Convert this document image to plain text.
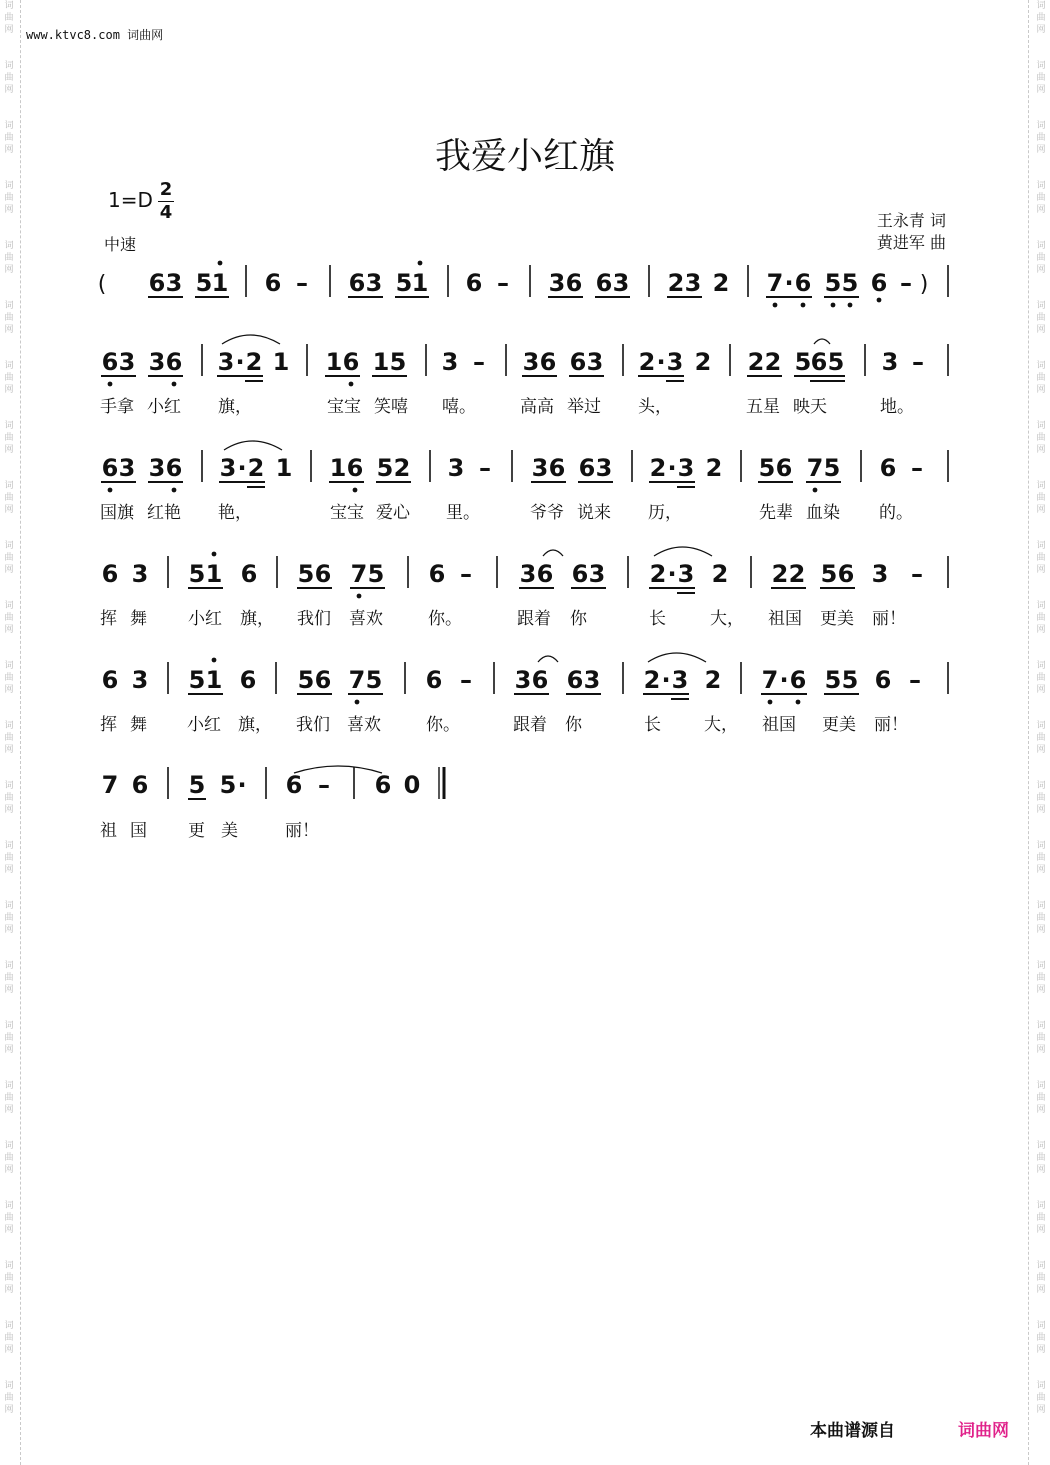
词
曲
网
词
曲
网
词
曲
网
词
曲
网
词
曲
网
词
曲
网
词
曲
网
词
曲
网
词
曲
网
词
曲
网
词
曲
网
词
曲
网
词
曲
网
词
曲
网
词
曲
网
词
曲
网
词
曲
网
词
曲
网
词
曲
网
词
曲
网
词
曲
网
词
曲
网
词
曲
网
词
曲
网
词
曲
网
词
曲
网
词
曲
网
词
曲
网
词
曲
网
词
曲
网
词
曲
网
词
曲
网
词
曲
网
词
曲
网
词
曲
网
词
曲
网
词
曲
网
词
曲
网
词
曲
网
词
曲
网
词
曲
网
词
曲
网
词
曲
网
词
曲
网
词
曲
网
词
曲
网
词
曲
网
词
曲
网
www.ktvc8.com 词曲网
我爱小红旗
1=D 2
4
中速
王永青 词
黄进军 曲
( 6 3 5 1 6 – 6 3 5 1 6 – 3 6 6 3 2 3 2 7 · 6 5 5 6 – )
6 3 3 6 3 · 2 1 1 6 1 5 3 – 3 6 6 3 2 · 3 2 2 2 5 6 5 3 –
手拿 小红 旗，	宝宝 笑嘻 嘻。	高高 举过 头，	五星 映天	地。
6 3 3 6 3 · 2 1 1 6 5 2 3 – 3 6 6 3 2 · 3 2 5 6 7 5 6 –
国旗 红艳 艳，	宝宝 爱心 里。	爷爷 说来 历，	先辈 血染 的。
6 3 5 1 6 5 6 7 5 6 – 3 6 6 3 2 · 3 2 2 2 5 6 3 –
挥 舞 小红 旗， 我们 喜欢	你。	跟着 你	长	大， 祖国 更美 丽！
6 3 5 1 6 5 6 7 5 6 – 3 6 6 3 2 · 3 2 7 · 6 5 5 6 –
挥 舞 小红 旗， 我们 喜欢	你。	跟着 你	长	大， 祖国 更美 丽！
7 6 5 5 · 6 – 6 0
祖 国 更 美	丽！
本曲谱源自	词曲网
